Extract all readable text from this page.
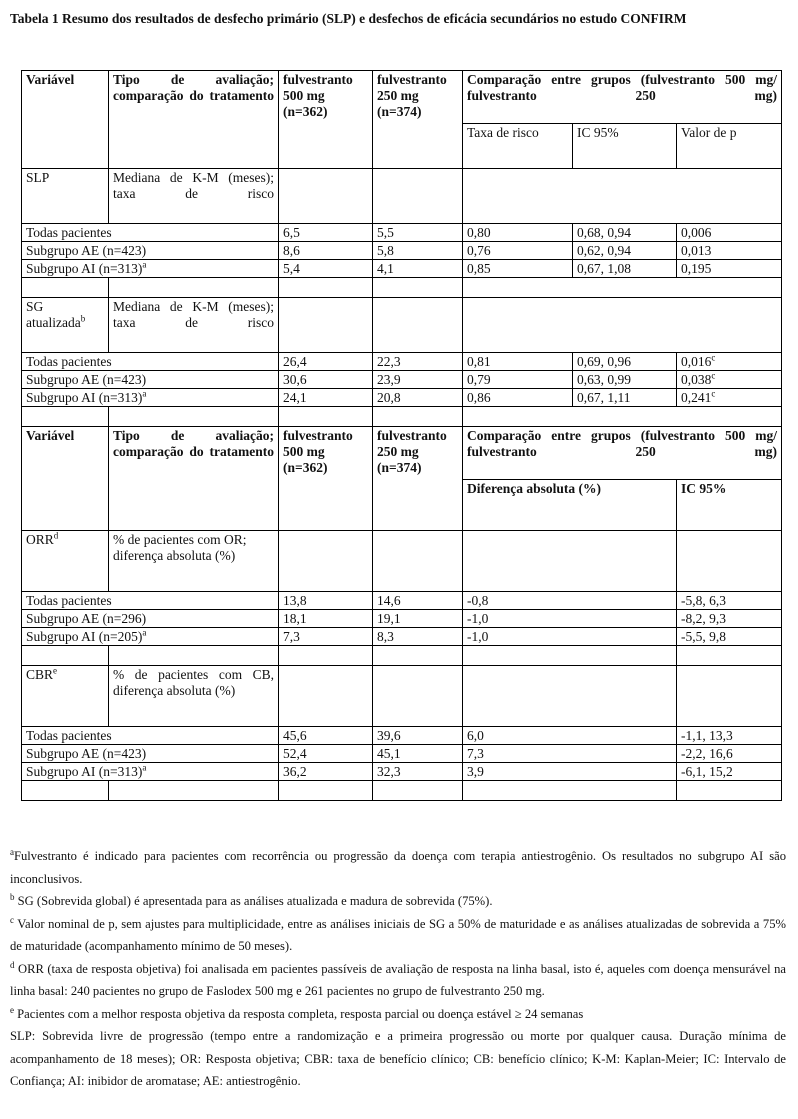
Tabela 1 Resumo dos resultados de desfecho primário (SLP) e desfechos de eficácia secundários no estudo CONFIRM
Variável	Tipo de avaliação; comparação do tratamento	fulvestranto 500 mg (n=362)	fulvestranto 250 mg (n=374)	Comparação entre grupos (fulvestranto 500 mg/ fulvestranto 250 mg)		
				Taxa de risco	IC 95%	Valor de p
SLP	Mediana de K-M (meses); taxa de risco					
Todas pacientes		6,5	5,5	0,80	0,68, 0,94	0,006
Subgrupo AE (n=423)		8,6	5,8	0,76	0,62, 0,94	0,013
Subgrupo AI (n=313)$^a$		5,4	4,1	0,85	0,67, 1,08	0,195

SG atualizada$^b$	Mediana de K-M (meses); taxa de risco					
Todas pacientes		26,4	22,3	0,81	0,69, 0,96	0,016$^c$
Subgrupo AE (n=423)		30,6	23,9	0,79	0,63, 0,99	0,038$^c$
Subgrupo AI (n=313)$^a$		24,1	20,8	0,86	0,67, 1,11	0,241$^c$

Variável	Tipo de avaliação; comparação do tratamento	fulvestranto 500 mg (n=362)	fulvestranto 250 mg (n=374)	Comparação entre grupos (fulvestranto 500 mg/ fulvestranto 250 mg)		
				Diferença absoluta (%)		IC 95%
ORR$^d$	% de pacientes com OR; diferença absoluta (%)					
Todas pacientes		13,8	14,6	-0,8		-5,8, 6,3
Subgrupo AE (n=296)		18,1	19,1	-1,0		-8,2, 9,3
Subgrupo AI (n=205)$^a$		7,3	8,3	-1,0		-5,5, 9,8

CBR$^e$	% de pacientes com CB, diferença absoluta (%)					
Todas pacientes		45,6	39,6	6,0		-1,1, 13,3
Subgrupo AE (n=423)		52,4	45,1	7,3		-2,2, 16,6
Subgrupo AI (n=313)$^a$		36,2	32,3	3,9		-6,1, 15,2

$^a$Fulvestranto é indicado para pacientes com recorrência ou progressão da doença com terapia antiestrogênio. Os resultados no subgrupo AI são inconclusivos.

$^b$ SG (Sobrevida global) é apresentada para as análises atualizada e madura de sobrevida (75%).

$^c$ Valor nominal de p, sem ajustes para multiplicidade, entre as análises iniciais de SG a 50% de maturidade e as análises atualizadas de sobrevida a 75% de maturidade (acompanhamento mínimo de 50 meses).

$^d$ ORR (taxa de resposta objetiva) foi analisada em pacientes passíveis de avaliação de resposta na linha basal, isto é, aqueles com doença mensurável na linha basal: 240 pacientes no grupo de Faslodex 500 mg e 261 pacientes no grupo de fulvestranto 250 mg.

$^e$ Pacientes com a melhor resposta objetiva da resposta completa, resposta parcial ou doença estável ≥ 24 semanas

SLP: Sobrevida livre de progressão (tempo entre a randomização e a primeira progressão ou morte por qualquer causa. Duração mínima de acompanhamento de 18 meses); OR: Resposta objetiva; CBR: taxa de benefício clínico; CB: benefício clínico; K-M: Kaplan-Meier; IC: Intervalo de Confiança; AI: inibidor de aromatase; AE: antiestrogênio.
